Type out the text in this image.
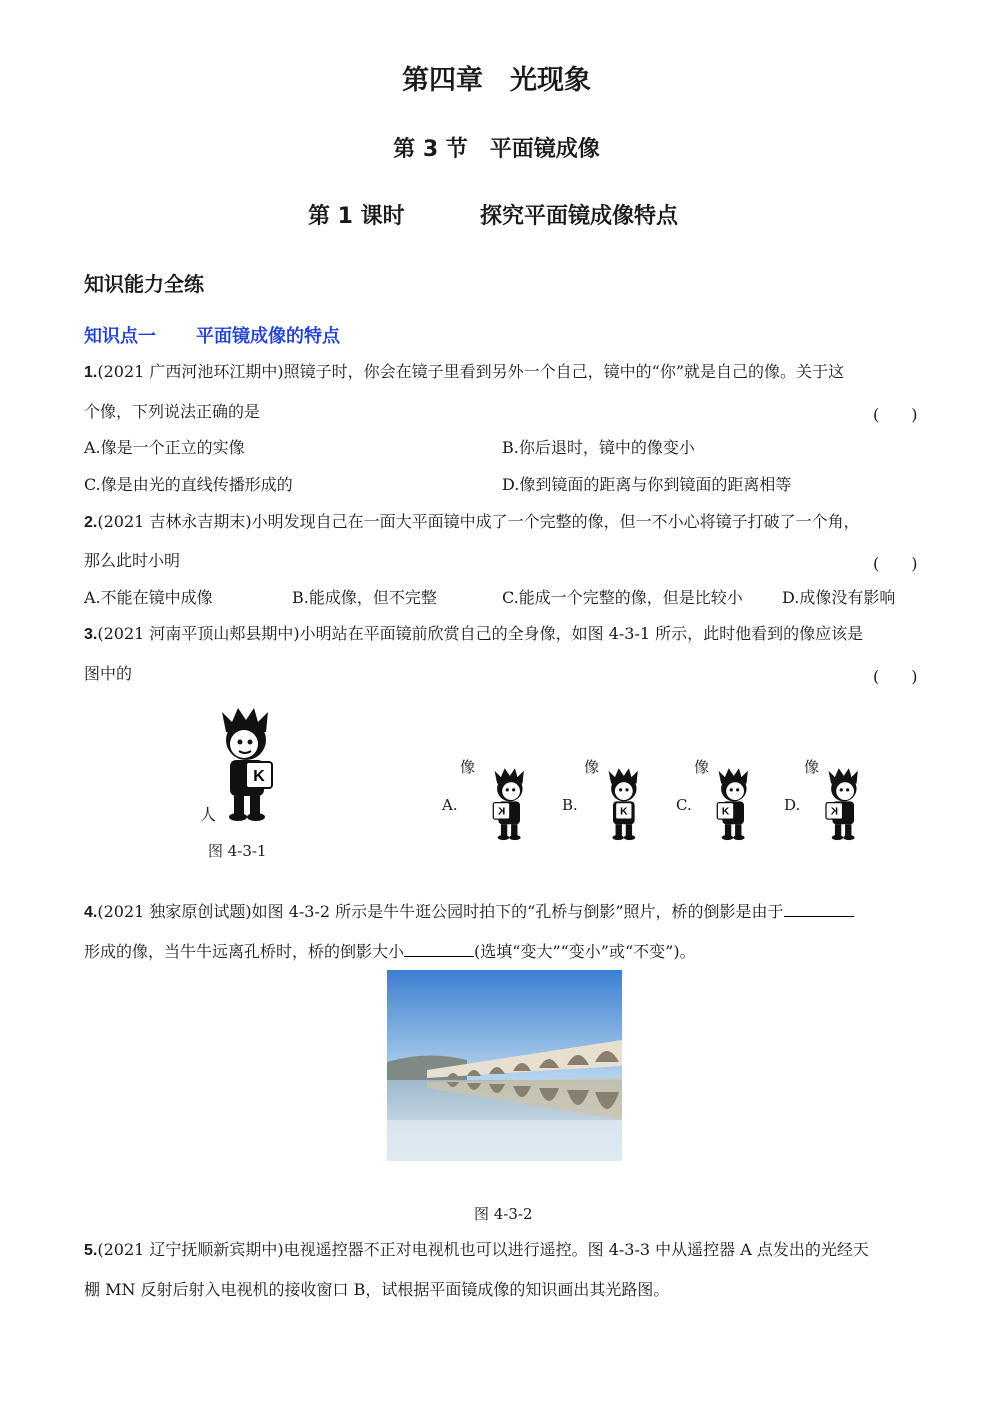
第四章　光现象
第 3 节　平面镜成像
第 1 课时	探究平面镜成像特点
知识能力全练
知识点一 平面镜成像的特点
1.(2021 广西河池环江期中)照镜子时，你会在镜子里看到另外一个自己，镜中的“你”就是自己的像。关于这
个像，下列说法正确的是	(　　)
A.像是一个正立的实像	B.你后退时，镜中的像变小
C.像是由光的直线传播形成的	D.像到镜面的距离与你到镜面的距离相等
2.(2021 吉林永吉期末)小明发现自己在一面大平面镜中成了一个完整的像，但一不小心将镜子打破了一个角，
那么此时小明	(　　)
A.不能在镜中成像	B.能成像，但不完整	C.能成一个完整的像，但是比较小 D.成像没有影响
3.(2021 河南平顶山郏县期中)小明站在平面镜前欣赏自己的全身像，如图 4-3-1 所示，此时他看到的像应该是
图中的	(　　)
K
人
图 4-3-1
A.
像
K	B.
像
K	C.
像
K	D.
像
K
4.(2021 独家原创试题)如图 4-3-2 所示是牛牛逛公园时拍下的“孔桥与倒影”照片，桥的倒影是由于
形成的像，当牛牛远离孔桥时，桥的倒影大小	(选填“变大”“变小”或“不变”)。
图 4-3-2
5.(2021 辽宁抚顺新宾期中)电视遥控器不正对电视机也可以进行遥控。图 4-3-3 中从遥控器 A 点发出的光经天
棚 MN 反射后射入电视机的接收窗口 B，试根据平面镜成像的知识画出其光路图。
